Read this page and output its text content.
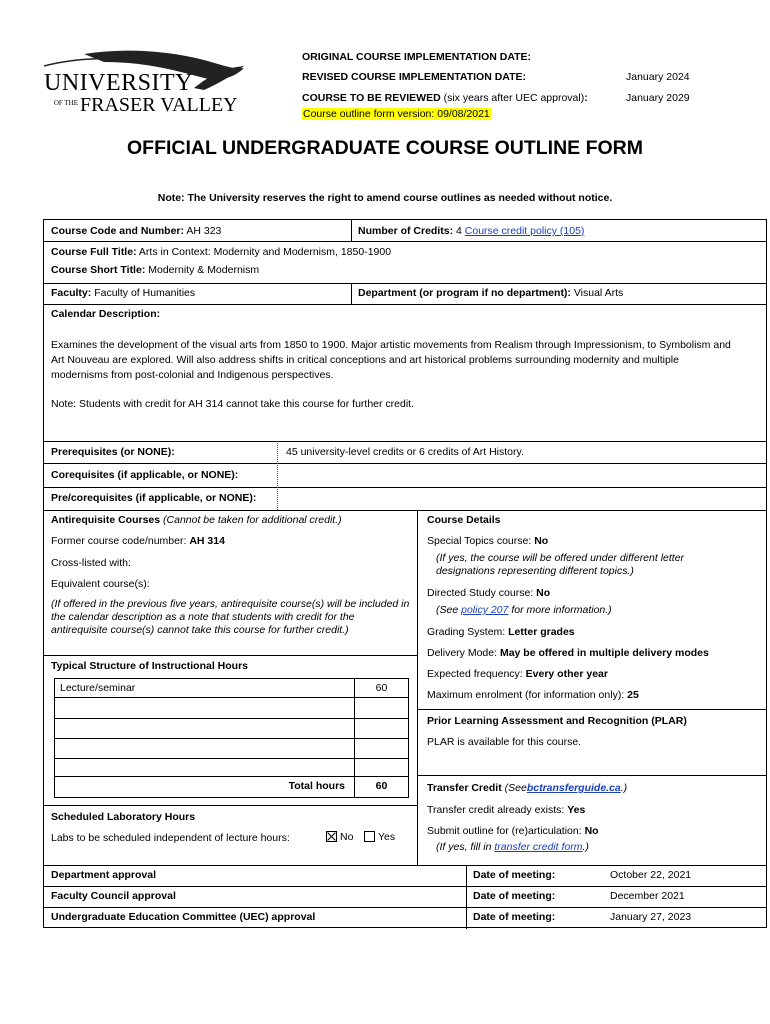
UNIVERSITY
OF THE FRASER VALLEY
ORIGINAL COURSE IMPLEMENTATION DATE:
REVISED COURSE IMPLEMENTATION DATE:	January 2024
COURSE TO BE REVIEWED (six years after UEC approval):	January 2029
Course outline form version: 09/08/2021
OFFICIAL UNDERGRADUATE COURSE OUTLINE FORM
Note: The University reserves the right to amend course outlines as needed without notice.
Course Code and Number: AH 323	Number of Credits: 4 Course credit policy (105)
Course Full Title: Arts in Context: Modernity and Modernism, 1850-1900
Course Short Title: Modernity & Modernism
Faculty: Faculty of Humanities	Department (or program if no department): Visual Arts
Calendar Description:
Examines the development of the visual arts from 1850 to 1900. Major artistic movements from Realism through Impressionism, to Symbolism and Art Nouveau are explored. Will also address shifts in critical conceptions and art historical problems surrounding modernity and multiple modernisms from post-colonial and Indigenous perspectives.
Note: Students with credit for AH 314 cannot take this course for further credit.
Prerequisites (or NONE):	45 university-level credits or 6 credits of Art History.
Corequisites (if applicable, or NONE):
Pre/corequisites (if applicable, or NONE):
Antirequisite Courses (Cannot be taken for additional credit.)
Former course code/number: AH 314
Cross-listed with:
Equivalent course(s):
(If offered in the previous five years, antirequisite course(s) will be included in the calendar description as a note that students with credit for the antirequisite course(s) cannot take this course for further credit.)
Typical Structure of Instructional Hours
Lecture/seminar	60
Total hours	60
Scheduled Laboratory Hours
Labs to be scheduled independent of lecture hours:	No	Yes
Course Details
Special Topics course: No
(If yes, the course will be offered under different letter designations representing different topics.)
Directed Study course: No
(See policy 207 for more information.)
Grading System: Letter grades
Delivery Mode: May be offered in multiple delivery modes
Expected frequency: Every other year
Maximum enrolment (for information only): 25
Prior Learning Assessment and Recognition (PLAR)
PLAR is available for this course.
Transfer Credit (Seebctransferguide.ca.)
Transfer credit already exists: Yes
Submit outline for (re)articulation: No
(If yes, fill in transfer credit form.)
Department approval	Date of meeting:	October 22, 2021
Faculty Council approval	Date of meeting:	December 2021
Undergraduate Education Committee (UEC) approval	Date of meeting:	January 27, 2023
